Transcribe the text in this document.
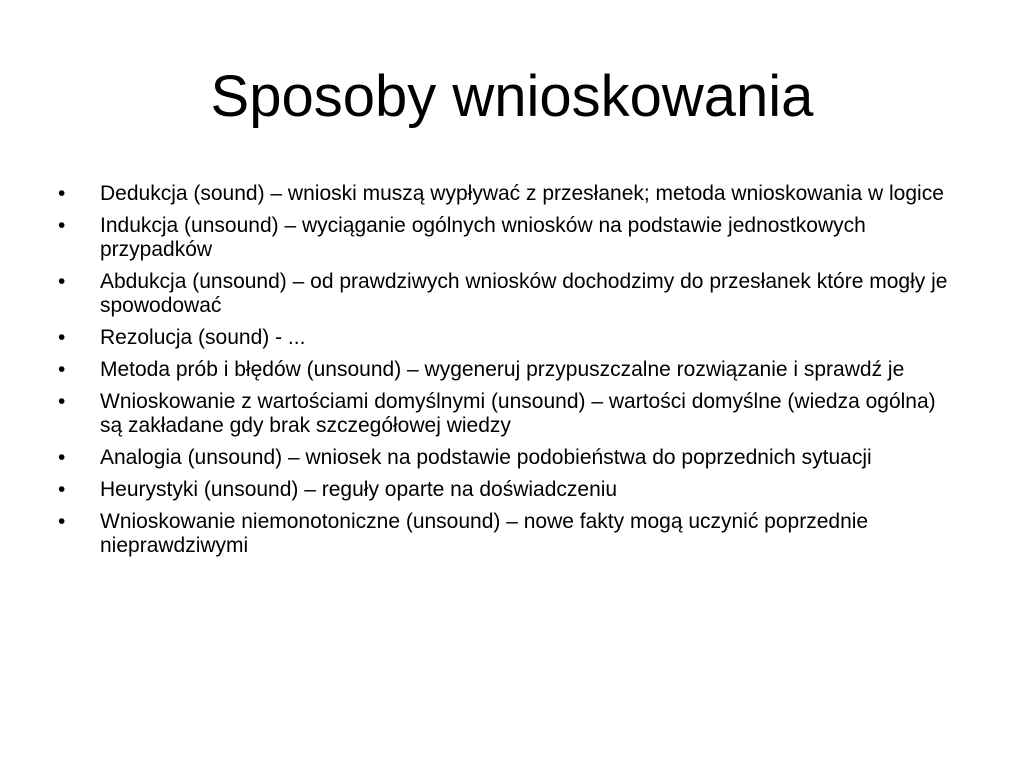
Sposoby wnioskowania
•	Dedukcja (sound) – wnioski muszą wypływać z przesłanek; metoda wnioskowania w logice
•	Indukcja (unsound) – wyciąganie ogólnych wniosków na podstawie jednostkowych przypadków
•	Abdukcja (unsound) – od prawdziwych wniosków dochodzimy do przesłanek które mogły je spowodować
•	Rezolucja (sound) - ...
•	Metoda prób i błędów (unsound) – wygeneruj przypuszczalne rozwiązanie i sprawdź je
•	Wnioskowanie z wartościami domyślnymi (unsound) – wartości domyślne (wiedza ogólna) są zakładane gdy brak szczegółowej wiedzy
•	Analogia (unsound) – wniosek na podstawie podobieństwa do poprzednich sytuacji
•	Heurystyki (unsound) – reguły oparte na doświadczeniu
•	Wnioskowanie niemonotoniczne (unsound) – nowe fakty mogą uczynić poprzednie nieprawdziwymi
